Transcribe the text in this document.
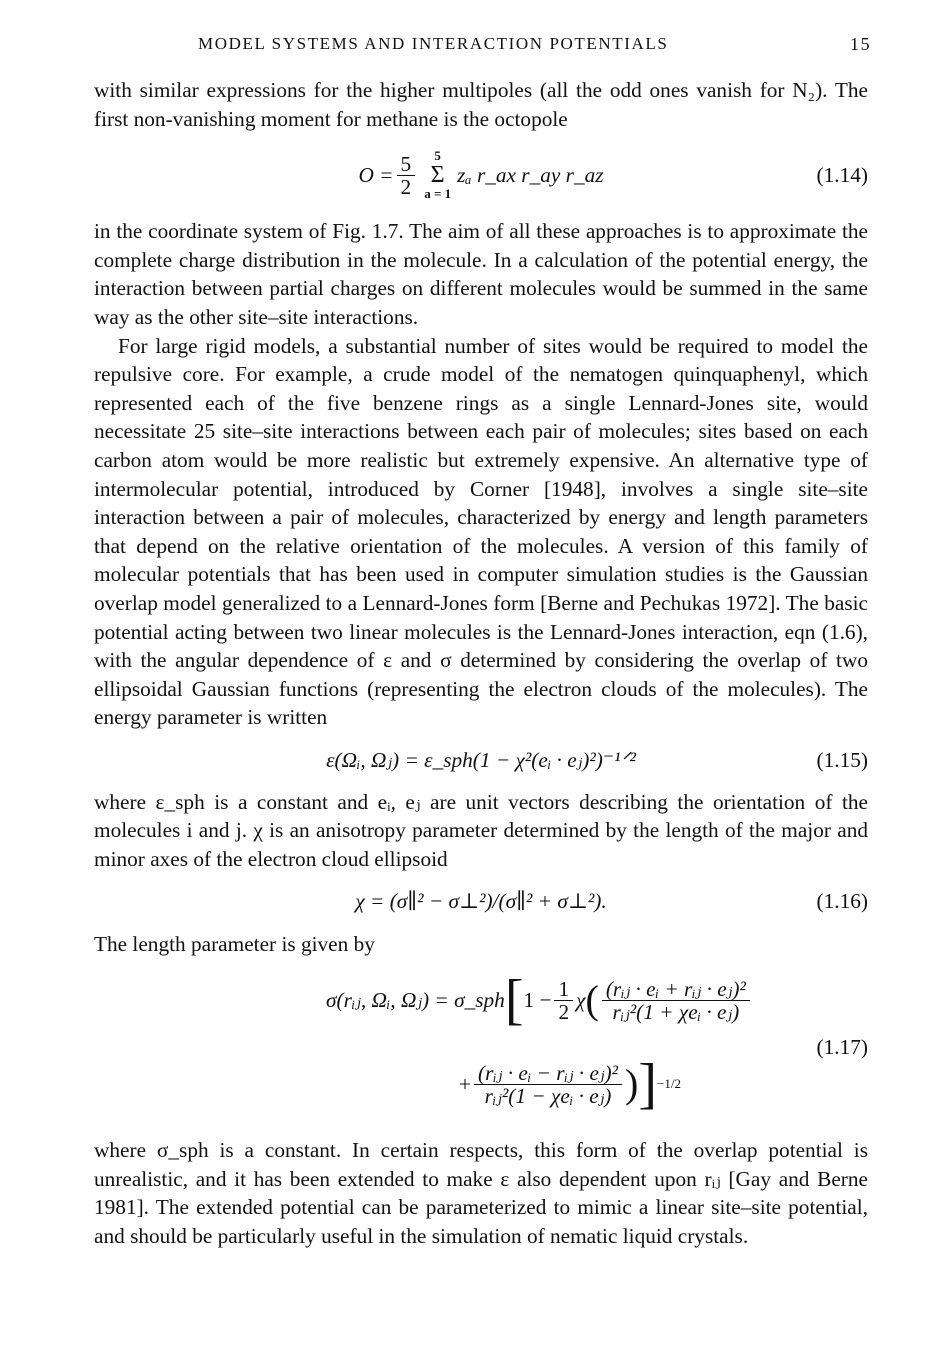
MODEL SYSTEMS AND INTERACTION POTENTIALS	15

with similar expressions for the higher multipoles (all the odd ones vanish for N₂). The first non-vanishing moment for methane is the octopole

$O = \frac{5}{2} 5$
Σ
a = 1
zₐ r_ax r_ay r_az	(1.14)

in the coordinate system of Fig. 1.7. The aim of all these approaches is to approximate the complete charge distribution in the molecule. In a calculation of the potential energy, the interaction between partial charges on different molecules would be summed in the same way as the other site–site interactions.

For large rigid models, a substantial number of sites would be required to model the repulsive core. For example, a crude model of the nematogen quinquaphenyl, which represented each of the five benzene rings as a single Lennard-Jones site, would necessitate 25 site–site interactions between each pair of molecules; sites based on each carbon atom would be more realistic but extremely expensive. An alternative type of intermolecular potential, introduced by Corner [1948], involves a single site–site interaction between a pair of molecules, characterized by energy and length parameters that depend on the relative orientation of the molecules. A version of this family of molecular potentials that has been used in computer simulation studies is the Gaussian overlap model generalized to a Lennard-Jones form [Berne and Pechukas 1972]. The basic potential acting between two linear molecules is the Lennard-Jones interaction, eqn (1.6), with the angular dependence of ε and σ determined by considering the overlap of two ellipsoidal Gaussian functions (representing the electron clouds of the molecules). The energy parameter is written

ε(Ωᵢ, Ωⱼ) = ε_sph(1 − χ²(eᵢ · eⱼ)²)⁻¹ᐟ²	(1.15)

where ε_sph is a constant and eᵢ, eⱼ are unit vectors describing the orientation of the molecules i and j. χ is an anisotropy parameter determined by the length of the major and minor axes of the electron cloud ellipsoid

χ = (σ∥² − σ⊥²)/(σ∥² + σ⊥²).	(1.16)

The length parameter is given by

σ(rᵢⱼ, Ωᵢ, Ωⱼ) = σ_sph [ $1 - \frac{1}{2}$ χ ( $\frac{\text{(rᵢⱼ · eᵢ + rᵢⱼ · eⱼ)²}}{\text{rᵢⱼ²(1 + χeᵢ · eⱼ)}}$
+ $\frac{\text{(rᵢⱼ · eᵢ − rᵢⱼ · eⱼ)²}}{\text{rᵢⱼ²(1 − χeᵢ · eⱼ)}}$ ) ] −1/2
(1.17)

where σ_sph is a constant. In certain respects, this form of the overlap potential is unrealistic, and it has been extended to make ε also dependent upon rᵢⱼ [Gay and Berne 1981]. The extended potential can be parameterized to mimic a linear site–site potential, and should be particularly useful in the simulation of nematic liquid crystals.
